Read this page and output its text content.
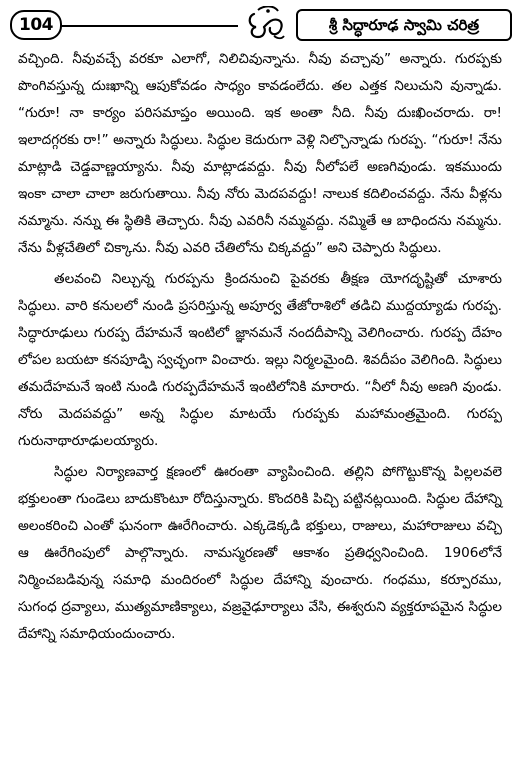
104	శ్రీ సిద్ధారూఢ స్వామి చరిత్ర

వచ్చింది. నీవువచ్చే వరకూ ఎలాగో, నిలిచివున్నాను. నీవు వచ్చావు” అన్నారు. గురప్పకు పొంగివస్తున్న దుఃఖాన్ని ఆపుకోవడం సాధ్యం కావడంలేదు. తల ఎత్తక నిలుచుని వున్నాడు. “గురూ! నా కార్యం పరిసమాప్తం అయింది. ఇక అంతా నీది. నీవు దుఃఖించరాదు. రా! ఇలాదగ్గరకు రా!” అన్నారు సిద్ధులు. సిద్ధుల కెదురుగా వెళ్లి నిల్చొన్నాడు గురప్ప. “గురూ! నేను మాట్లాడి చెడ్డవాణ్ణయ్యాను. నీవు మాట్లాడవద్దు. నీవు నీలోపలే అణగివుండు. ఇకముందు ఇంకా చాలా చాలా జరుగుతాయి. నీవు నోరు మెదపవద్దు! నాలుక కదిలించవద్దు. నేను వీళ్లను నమ్మాను. నన్ను ఈ స్థితికి తెచ్చారు. నీవు ఎవరినీ నమ్మవద్దు. నమ్మితే ఆ బాధిందను నమ్మను. నేను వీళ్లచేతిలో చిక్కాను. నీవు ఎవరి చేతిలోను చిక్కవద్దు” అని చెప్పారు సిద్ధులు.

తలవంచి నిల్చున్న గురప్పను క్రిందనుంచి పైవరకు తీక్షణ యోగదృష్టితో చూశారు సిద్ధులు. వారి కనులలో నుండి ప్రసరిస్తున్న అపూర్వ తేజోరాశిలో తడిచి ముద్దయ్యాడు గురప్ప. సిద్ధారూఢులు గురప్ప దేహమనే ఇంటిలో జ్ఞానమనే నందదీపాన్ని వెలిగించారు. గురప్ప దేహం లోపల బయటా కనపూడ్పి స్వచ్ఛంగా వించారు. ఇల్లు నిర్మలమైంది. శివదీపం వెలిగింది. సిద్ధులు తమదేహమనే ఇంటి నుండి గురప్పదేహమనే ఇంటిలోనికి మారారు. “నీలో నీవు అణగి వుండు. నోరు మెదపవద్దు” అన్న సిద్ధుల మాటయే గురప్పకు మహామంత్రమైంది. గురప్ప గురునాథారూఢులయ్యారు.

సిద్ధుల నిర్యాణవార్త క్షణంలో ఊరంతా వ్యాపించింది. తల్లిని పోగొట్టుకొన్న పిల్లలవలె భక్తులంతా గుండెలు బాదుకొంటూ రోదిస్తున్నారు. కొందరికి పిచ్చి పట్టినట్లయింది. సిద్ధుల దేహాన్ని అలంకరించి ఎంతో ఘనంగా ఊరేగించారు. ఎక్కడెక్కడి భక్తులు, రాజులు, మహారాజులు వచ్చి ఆ ఊరేగింపులో పాల్గొన్నారు. నామస్మరణతో ఆకాశం ప్రతిధ్వనించింది. 1906లోనే నిర్మించబడివున్న సమాధి మందిరంలో సిద్ధుల దేహాన్ని వుంచారు. గంధము, కర్పూరము, సుగంధ ద్రవ్యాలు, ముత్యమాణిక్యాలు, వజ్రవైఢూర్యాలు వేసి, ఈశ్వరుని వ్యక్తరూపమైన సిద్ధుల దేహాన్ని సమాధియందుంచారు.
